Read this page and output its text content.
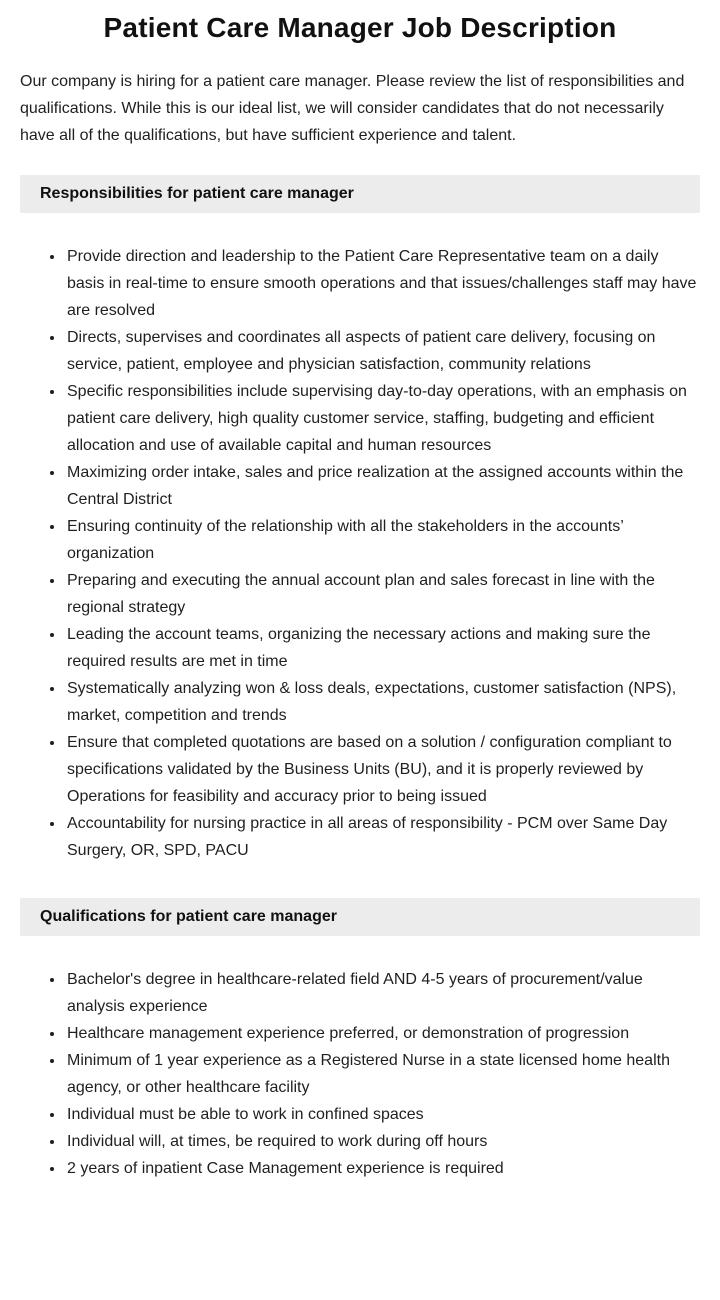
Patient Care Manager Job Description

Our company is hiring for a patient care manager. Please review the list of responsibilities and qualifications. While this is our ideal list, we will consider candidates that do not necessarily have all of the qualifications, but have sufficient experience and talent.

Responsibilities for patient care manager
• Provide direction and leadership to the Patient Care Representative team on a daily basis in real-time to ensure smooth operations and that issues/challenges staff may have are resolved
• Directs, supervises and coordinates all aspects of patient care delivery, focusing on service, patient, employee and physician satisfaction, community relations
• Specific responsibilities include supervising day-to-day operations, with an emphasis on patient care delivery, high quality customer service, staffing, budgeting and efficient allocation and use of available capital and human resources
• Maximizing order intake, sales and price realization at the assigned accounts within the Central District
• Ensuring continuity of the relationship with all the stakeholders in the accounts’ organization
• Preparing and executing the annual account plan and sales forecast in line with the regional strategy
• Leading the account teams, organizing the necessary actions and making sure the required results are met in time
• Systematically analyzing won & loss deals, expectations, customer satisfaction (NPS), market, competition and trends
• Ensure that completed quotations are based on a solution / configuration compliant to specifications validated by the Business Units (BU), and it is properly reviewed by Operations for feasibility and accuracy prior to being issued
• Accountability for nursing practice in all areas of responsibility - PCM over Same Day Surgery, OR, SPD, PACU
Qualifications for patient care manager
• Bachelor's degree in healthcare-related field AND 4-5 years of procurement/value analysis experience
• Healthcare management experience preferred, or demonstration of progression
• Minimum of 1 year experience as a Registered Nurse in a state licensed home health agency, or other healthcare facility
• Individual must be able to work in confined spaces
• Individual will, at times, be required to work during off hours
• 2 years of inpatient Case Management experience is required
